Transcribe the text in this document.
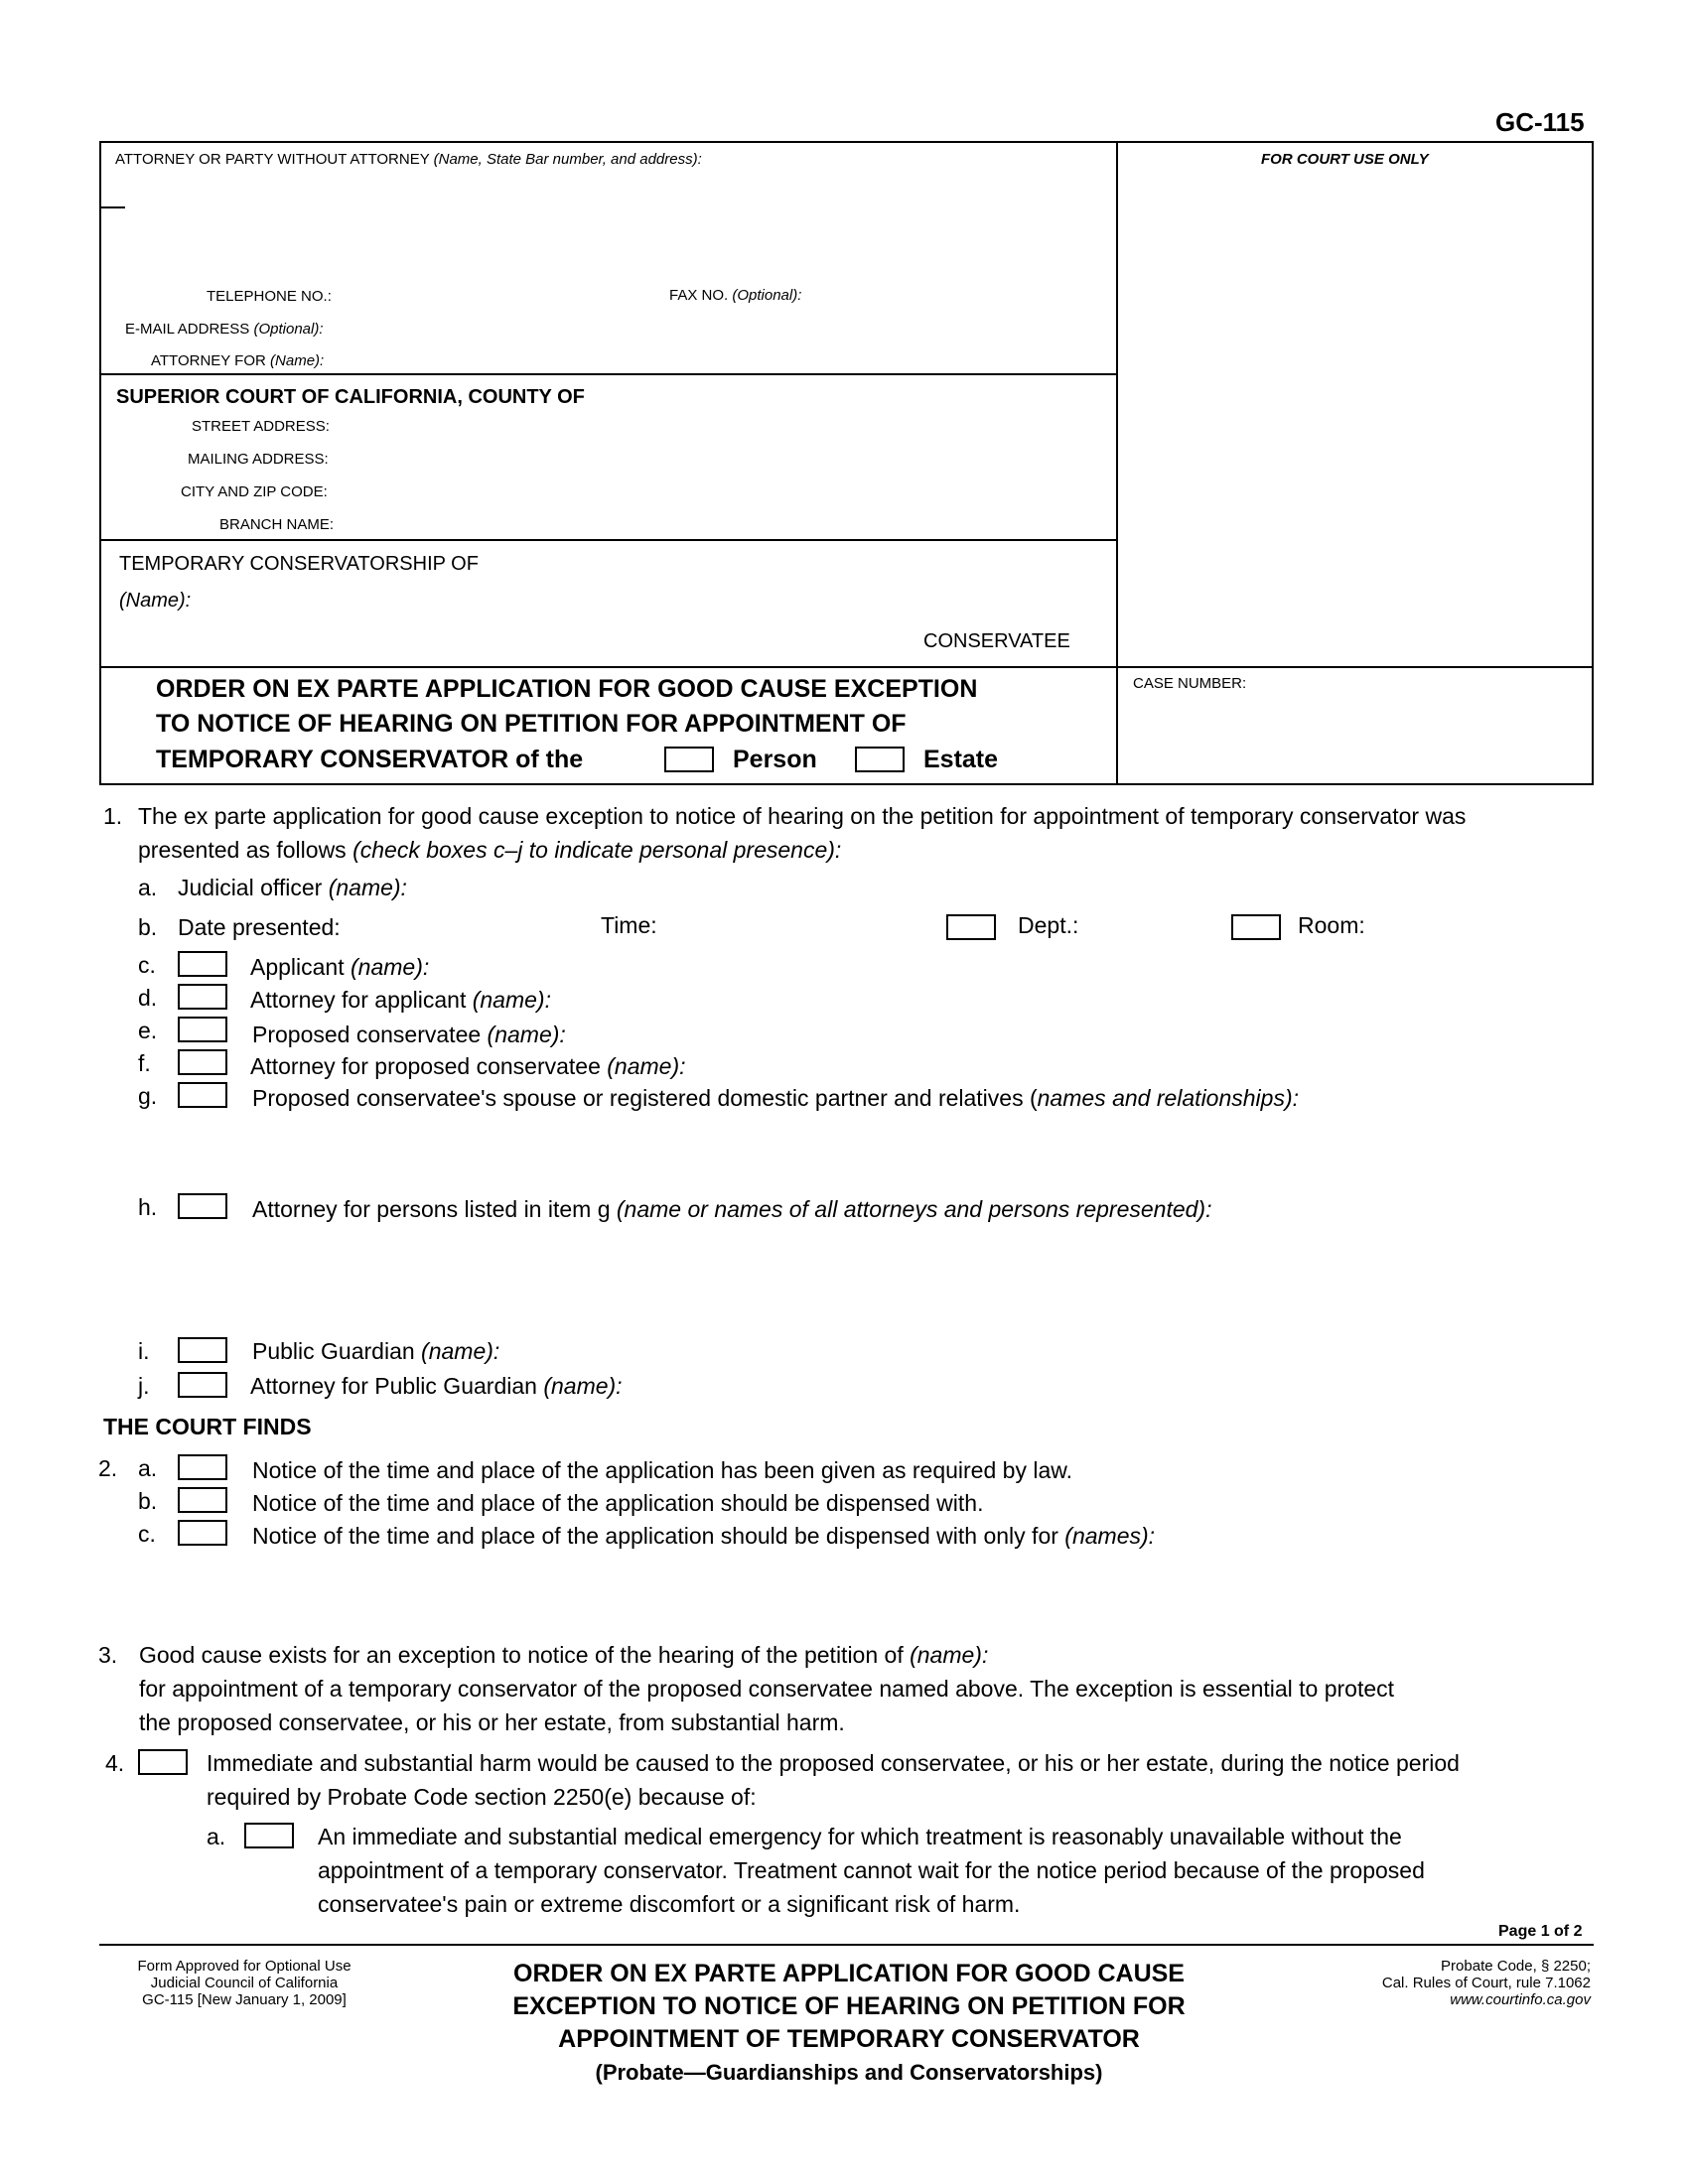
GC-115
ATTORNEY OR PARTY WITHOUT ATTORNEY (Name, State Bar number, and address):	FOR COURT USE ONLY
TELEPHONE NO.:	FAX NO. (Optional):
E-MAIL ADDRESS (Optional):
ATTORNEY FOR (Name):
SUPERIOR COURT OF CALIFORNIA, COUNTY OF
STREET ADDRESS:
MAILING ADDRESS:
CITY AND ZIP CODE:
BRANCH NAME:
TEMPORARY CONSERVATORSHIP OF
(Name):
CONSERVATEE
ORDER ON EX PARTE APPLICATION FOR GOOD CAUSE EXCEPTION
TO NOTICE OF HEARING ON PETITION FOR APPOINTMENT OF
TEMPORARY CONSERVATOR of the	Person	Estate
CASE NUMBER:
1. The ex parte application for good cause exception to notice of hearing on the petition for appointment of temporary conservator was
presented as follows (check boxes c–j to indicate personal presence):
a. Judicial officer (name):
b. Date presented:	Time:	Dept.:	Room:
c.	Applicant (name):
d.	Attorney for applicant (name):
e.	Proposed conservatee (name):
f.	Attorney for proposed conservatee (name):
g.	Proposed conservatee's spouse or registered domestic partner and relatives (names and relationships):
h.	Attorney for persons listed in item g (name or names of all attorneys and persons represented):
i.	Public Guardian (name):
j.	Attorney for Public Guardian (name):
THE COURT FINDS
2. a.	Notice of the time and place of the application has been given as required by law.
b.	Notice of the time and place of the application should be dispensed with.
c.	Notice of the time and place of the application should be dispensed with only for (names):
3. Good cause exists for an exception to notice of the hearing of the petition of (name):
for appointment of a temporary conservator of the proposed conservatee named above. The exception is essential to protect
the proposed conservatee, or his or her estate, from substantial harm.
4.	Immediate and substantial harm would be caused to the proposed conservatee, or his or her estate, during the notice period
required by Probate Code section 2250(e) because of:
a.	An immediate and substantial medical emergency for which treatment is reasonably unavailable without the
appointment of a temporary conservator. Treatment cannot wait for the notice period because of the proposed
conservatee's pain or extreme discomfort or a significant risk of harm.
Page 1 of 2
Form Approved for Optional Use
Judicial Council of California
GC-115 [New January 1, 2009]
ORDER ON EX PARTE APPLICATION FOR GOOD CAUSE
EXCEPTION TO NOTICE OF HEARING ON PETITION FOR
APPOINTMENT OF TEMPORARY CONSERVATOR
(Probate—Guardianships and Conservatorships)
Probate Code, § 2250;
Cal. Rules of Court, rule 7.1062
www.courtinfo.ca.gov
